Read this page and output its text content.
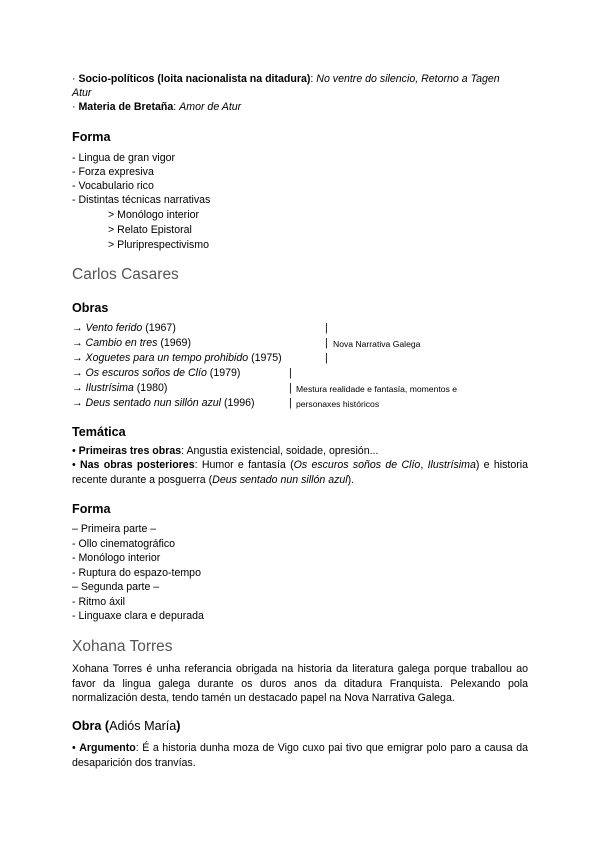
· Socio-políticos (loita nacionalista na ditadura): No ventre do silencio, Retorno a Tagen
Atur
· Materia de Bretaña: Amor de Atur
Forma
- Lingua de gran vigor
- Forza expresiva
- Vocabulario rico
- Distintas técnicas narrativas
> Monólogo interior
> Relato Epistoral
> Pluriprespectivismo
Carlos Casares
Obras
→ Vento ferido (1967)
→ Cambio en tres (1969)
→ Xoguetes para un tempo prohibido (1975)
→ Os escuros soños de Clío (1979)
→ Ilustrísima (1980)
→ Deus sentado nun sillón azul (1996)
|
| Nova Narrativa Galega
|
|
| Mestura realidade e fantasía, momentos e
| personaxes históricos
Temática
• Primeiras tres obras: Angustia existencial, soidade, opresión...
• Nas obras posteriores: Humor e fantasía (Os escuros soños de Clío, Ilustrísima) e historia recente durante a posguerra (Deus sentado nun sillón azul).
Forma
– Primeira parte –
- Ollo cinematográfico
- Monólogo interior
- Ruptura do espazo-tempo
– Segunda parte –
- Ritmo áxil
- Linguaxe clara e depurada
Xohana Torres
Xohana Torres é unha referancia obrigada na historia da literatura galega porque traballou ao favor da lingua galega durante os duros anos da ditadura Franquista. Pelexando pola normalización desta, tendo tamén un destacado papel na Nova Narrativa Galega.
Obra (Adiós María)
• Argumento: É a historia dunha moza de Vigo cuxo pai tivo que emigrar polo paro a causa da desaparición dos tranvías.
